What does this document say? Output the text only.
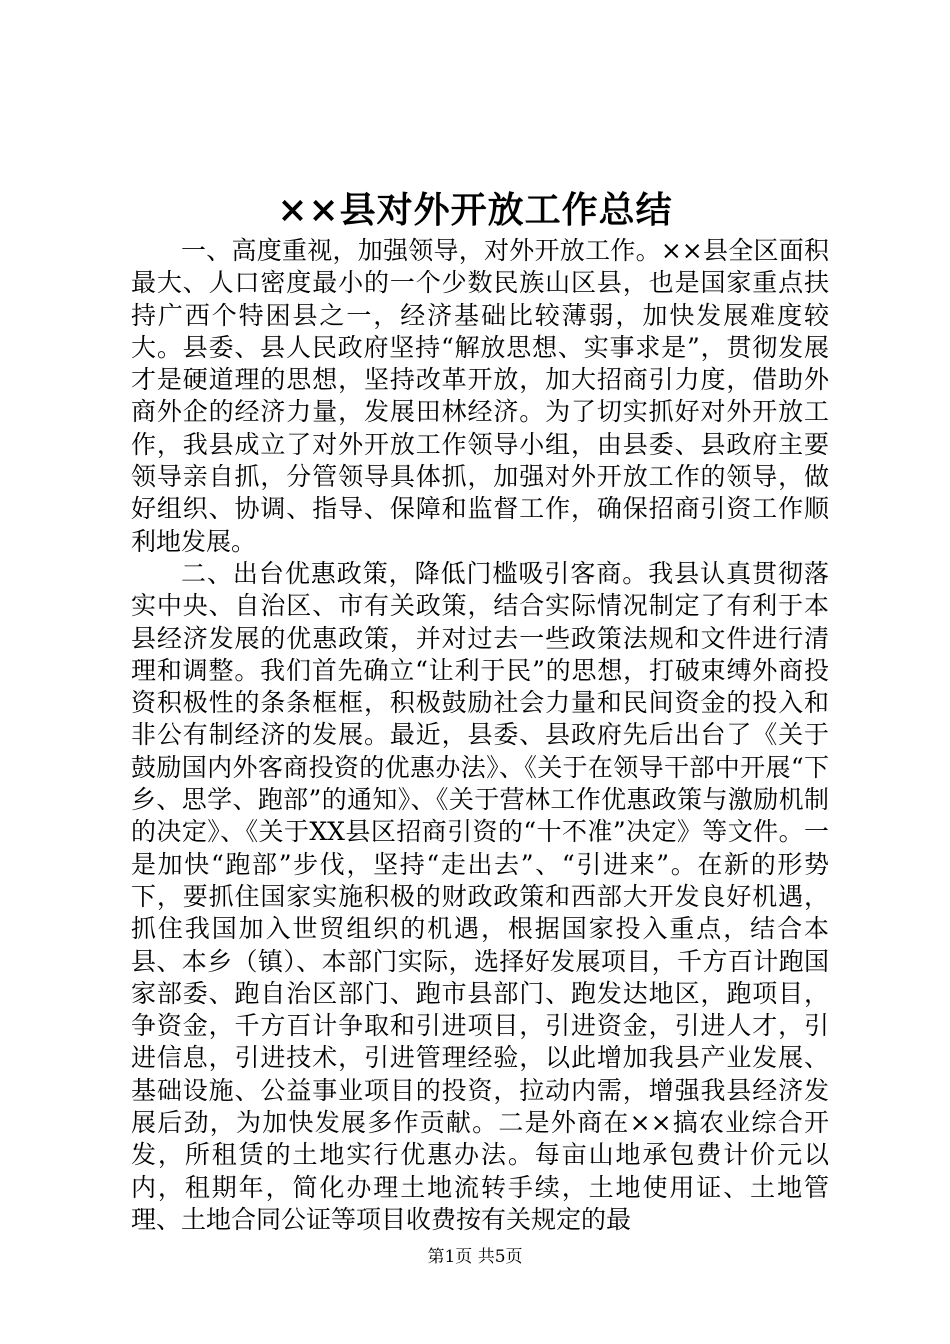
××县对外开放工作总结

一、高度重视，加强领导，对外开放工作。××县全区面积最大、人口密度最小的一个少数民族山区县，也是国家重点扶持广西个特困县之一，经济基础比较薄弱，加快发展难度较大。县委、县人民政府坚持“解放思想、实事求是”，贯彻发展才是硬道理的思想，坚持改革开放，加大招商引力度，借助外商外企的经济力量，发展田林经济。为了切实抓好对外开放工作，我县成立了对外开放工作领导小组，由县委、县政府主要领导亲自抓，分管领导具体抓，加强对外开放工作的领导，做好组织、协调、指导、保障和监督工作，确保招商引资工作顺利地发展。

二、出台优惠政策，降低门槛吸引客商。我县认真贯彻落实中央、自治区、市有关政策，结合实际情况制定了有利于本县经济发展的优惠政策，并对过去一些政策法规和文件进行清理和调整。我们首先确立“让利于民”的思想，打破束缚外商投资积极性的条条框框，积极鼓励社会力量和民间资金的投入和非公有制经济的发展。最近，县委、县政府先后出台了《关于鼓励国内外客商投资的优惠办法》、《关于在领导干部中开展“下乡、思学、跑部”的通知》、《关于营林工作优惠政策与激励机制的决定》、《关于XX县区招商引资的“十不准”决定》等文件。一是加快“跑部”步伐，坚持“走出去”、“引进来”。在新的形势下，要抓住国家实施积极的财政政策和西部大开发良好机遇，抓住我国加入世贸组织的机遇，根据国家投入重点，结合本县、本乡（镇）、本部门实际，选择好发展项目，千方百计跑国家部委、跑自治区部门、跑市县部门、跑发达地区，跑项目，争资金，千方百计争取和引进项目，引进资金，引进人才，引进信息，引进技术，引进管理经验，以此增加我县产业发展、基础设施、公益事业项目的投资，拉动内需，增强我县经济发展后劲，为加快发展多作贡献。二是外商在××搞农业综合开发，所租赁的土地实行优惠办法。每亩山地承包费计价元以内，租期年，简化办理土地流转手续，土地使用证、土地管理、土地合同公证等项目收费按有关规定的最

第1页 共5页
